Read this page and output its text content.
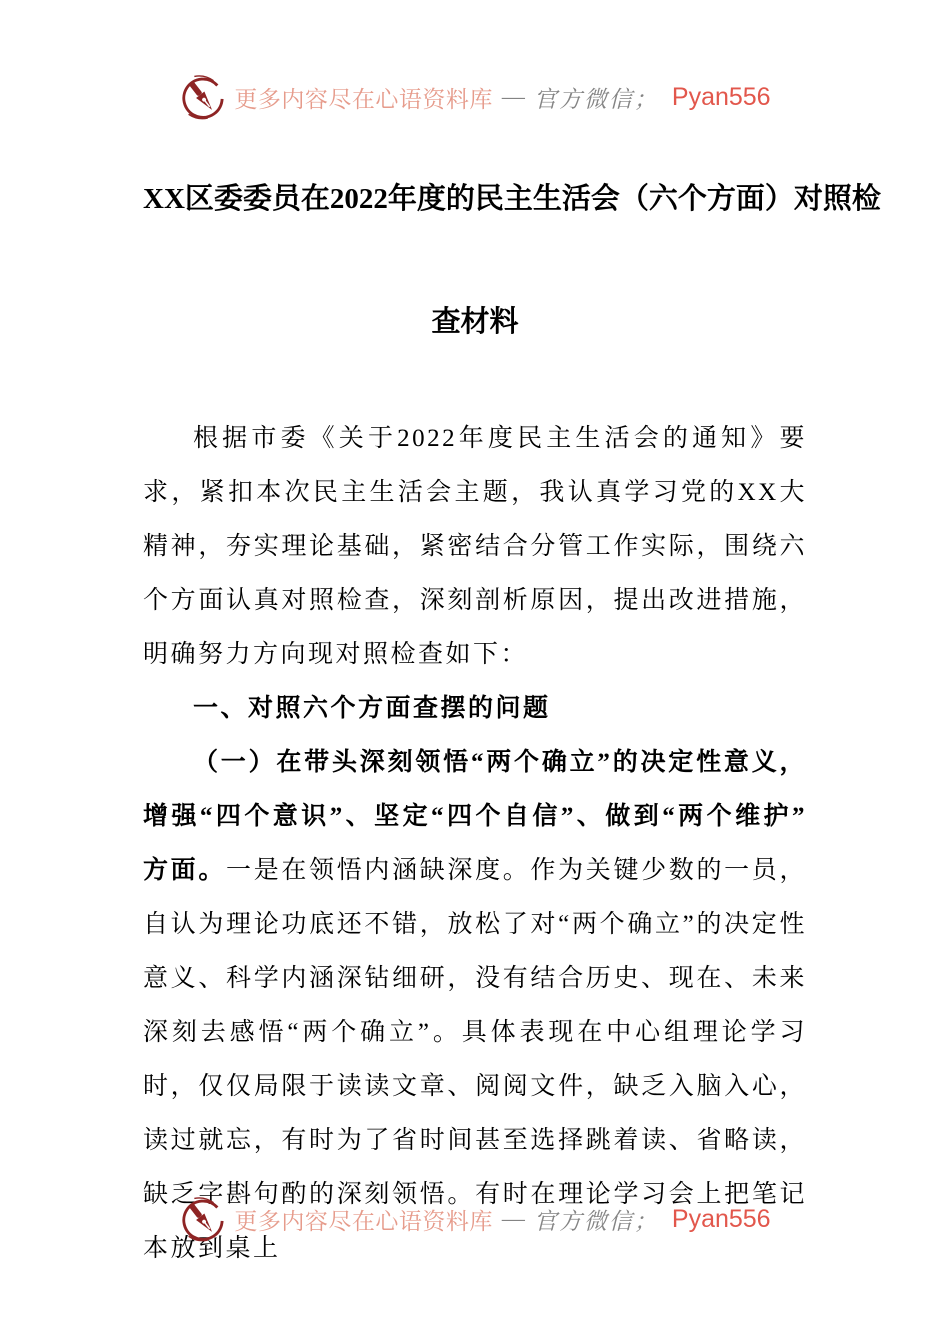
更多内容尽在心语资料库 — 官方微信； Pyan556
XX区委委员在2022年度的民主生活会（六个方面）对照检
查材料

根据市委《关于2022年度民主生活会的通知》要求，紧扣本次民主生活会主题，我认真学习党的XX大精神，夯实理论基础，紧密结合分管工作实际，围绕六个方面认真对照检查，深刻剖析原因，提出改进措施，明确努力方向现对照检查如下：

一、对照六个方面查摆的问题

（一）在带头深刻领悟“两个确立”的决定性意义，增强“四个意识”、坚定“四个自信”、做到“两个维护”方面。一是在领悟内涵缺深度。作为关键少数的一员，自认为理论功底还不错，放松了对“两个确立”的决定性意义、科学内涵深钻细研，没有结合历史、现在、未来深刻去感悟“两个确立”。具体表现在中心组理论学习时，仅仅局限于读读文章、阅阅文件，缺乏入脑入心，读过就忘，有时为了省时间甚至选择跳着读、省略读，缺乏字斟句酌的深刻领悟。有时在理论学习会上把笔记本放到桌上

更多内容尽在心语资料库 — 官方微信； Pyan556
